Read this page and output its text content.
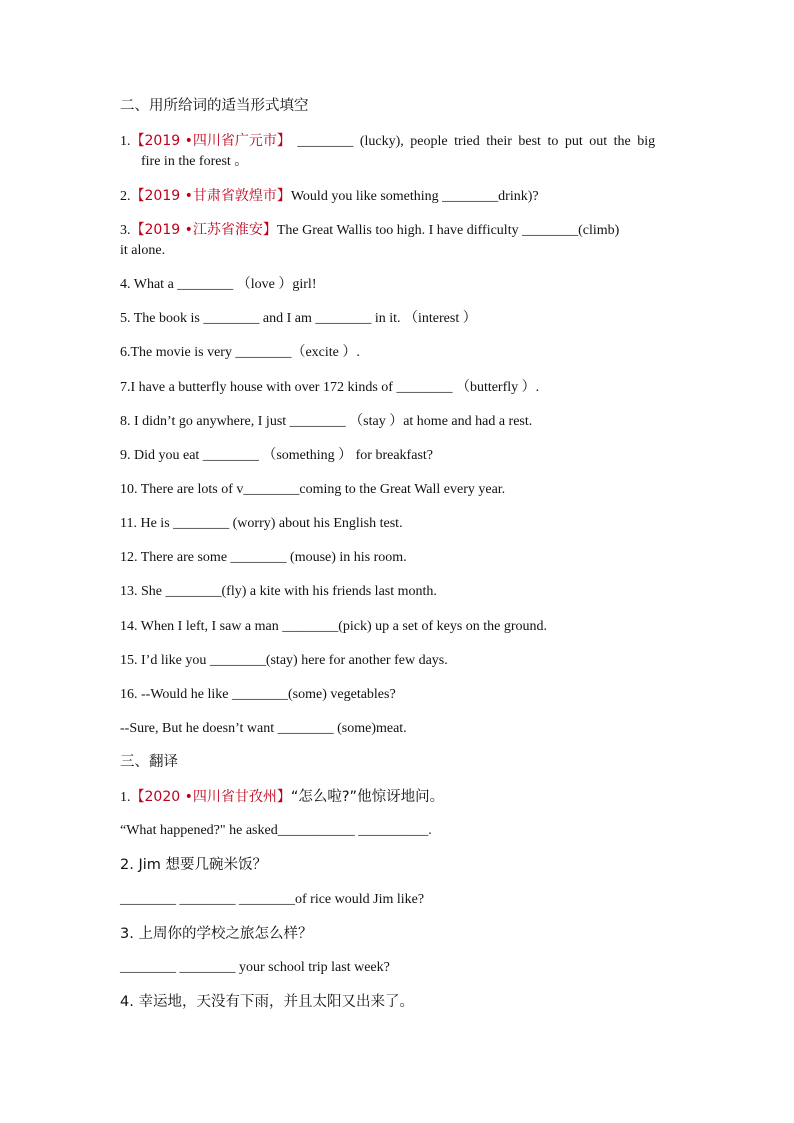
二、用所给词的适当形式填空
1.【2019 •四川省广元市】 ________ (lucky), people tried their best to put out the big
fire in the forest 。
2.【2019 •甘肃省敦煌市】Would you like something ________drink)?
3.【2019 •江苏省淮安】The Great Wallis too high. I have difficulty ________(climb)
it alone.
4. What a ________ （love ）girl!
5. The book is ________ and I am ________ in it. （interest ）
6.The movie is very ________（excite ）.
7.I have a butterfly house with over 172 kinds of ________ （butterfly ）.
8. I didn’t go anywhere, I just ________ （stay ）at home and had a rest.
9. Did you eat ________ （something ） for breakfast?
10. There are lots of v________coming to the Great Wall every year.
11. He is ________ (worry) about his English test.
12. There are some ________ (mouse) in his room.
13. She ________(fly) a kite with his friends last month.
14. When I left, I saw a man ________(pick) up a set of keys on the ground.
15. I’d like you ________(stay) here for another few days.
16. --Would he like ________(some) vegetables?
--Sure, But he doesn’t want ________ (some)meat.
三、翻译
1.【2020 •四川省甘孜州】“怎么啦?”他惊讶地问。
“What happened?" he asked___________ __________.
2. Jim 想要几碗米饭？
________ ________ ________of rice would Jim like?
3. 上周你的学校之旅怎么样？
________ ________ your school trip last week?
4. 幸运地，天没有下雨，并且太阳又出来了。
